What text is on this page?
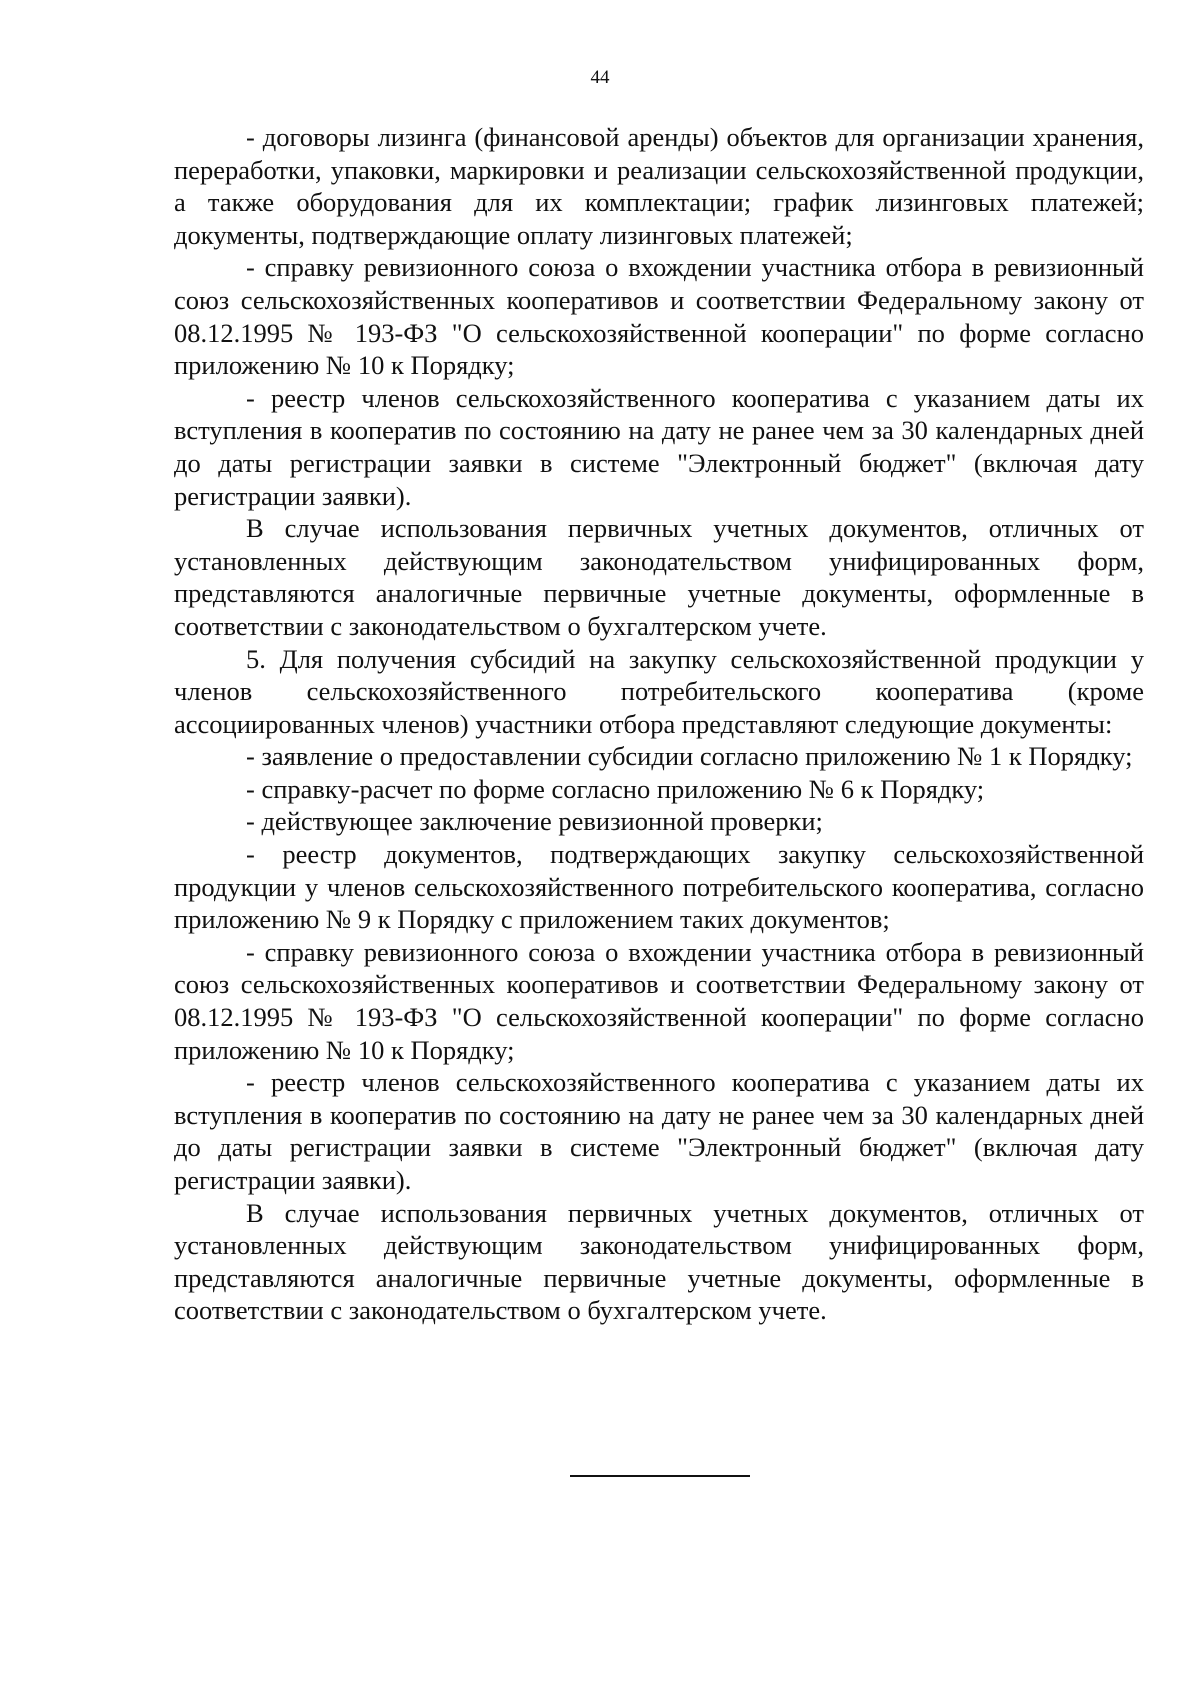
44

- договоры лизинга (финансовой аренды) объектов для организации хранения, переработки, упаковки, маркировки и реализации сельскохозяйственной продукции, а также оборудования для их комплектации; график лизинговых платежей; документы, подтверждающие оплату лизинговых платежей;

- справку ревизионного союза о вхождении участника отбора в ревизионный союз сельскохозяйственных кооперативов и соответствии Федеральному закону от 08.12.1995 № 193-ФЗ "О сельскохозяйственной кооперации" по форме согласно приложению № 10 к Порядку;

- реестр членов сельскохозяйственного кооператива с указанием даты их вступления в кооператив по состоянию на дату не ранее чем за 30 календарных дней до даты регистрации заявки в системе "Электронный бюджет" (включая дату регистрации заявки).

В случае использования первичных учетных документов, отличных от установленных действующим законодательством унифицированных форм, представляются аналогичные первичные учетные документы, оформленные в соответствии с законодательством о бухгалтерском учете.

5. Для получения субсидий на закупку сельскохозяйственной продукции у членов сельскохозяйственного потребительского кооператива (кроме ассоциированных членов) участники отбора представляют следующие документы:

- заявление о предоставлении субсидии согласно приложению № 1 к Порядку;

- справку-расчет по форме согласно приложению № 6 к Порядку;

- действующее заключение ревизионной проверки;

- реестр документов, подтверждающих закупку сельскохозяйственной продукции у членов сельскохозяйственного потребительского кооператива, согласно приложению № 9 к Порядку с приложением таких документов;

- справку ревизионного союза о вхождении участника отбора в ревизионный союз сельскохозяйственных кооперативов и соответствии Федеральному закону от 08.12.1995 № 193-ФЗ "О сельскохозяйственной кооперации" по форме согласно приложению № 10 к Порядку;

- реестр членов сельскохозяйственного кооператива с указанием даты их вступления в кооператив по состоянию на дату не ранее чем за 30 календарных дней до даты регистрации заявки в системе "Электронный бюджет" (включая дату регистрации заявки).

В случае использования первичных учетных документов, отличных от установленных действующим законодательством унифицированных форм, представляются аналогичные первичные учетные документы, оформленные в соответствии с законодательством о бухгалтерском учете.
